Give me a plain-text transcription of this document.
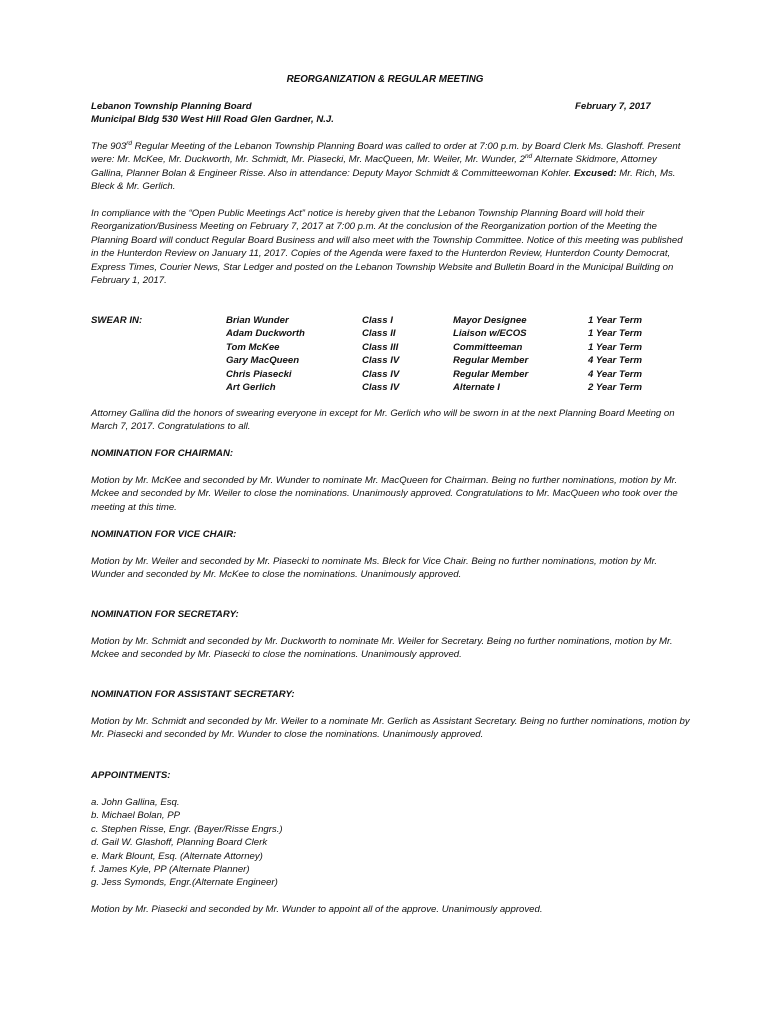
REORGANIZATION & REGULAR MEETING
Lebanon Township Planning Board
Municipal Bldg 530 West Hill Road Glen Gardner, N.J.
February 7, 2017

The 903rd Regular Meeting of the Lebanon Township Planning Board was called to order at 7:00 p.m. by Board Clerk Ms. Glashoff. Present were: Mr. McKee, Mr. Duckworth, Mr. Schmidt, Mr. Piasecki, Mr. MacQueen, Mr. Weiler, Mr. Wunder, 2nd Alternate Skidmore, Attorney Gallina, Planner Bolan & Engineer Risse. Also in attendance: Deputy Mayor Schmidt & Committeewoman Kohler. Excused: Mr. Rich, Ms. Bleck & Mr. Gerlich.

In compliance with the “Open Public Meetings Act” notice is hereby given that the Lebanon Township Planning Board will hold their Reorganization/Business Meeting on February 7, 2017 at 7:00 p.m. At the conclusion of the Reorganization portion of the Meeting the Planning Board will conduct Regular Board Business and will also meet with the Township Committee. Notice of this meeting was published in the Hunterdon Review on January 11, 2017. Copies of the Agenda were faxed to the Hunterdon Review, Hunterdon County Democrat, Express Times, Courier News, Star Ledger and posted on the Lebanon Township Website and Bulletin Board in the Municipal Building on February 1, 2017.

SWEAR IN:	Brian Wunder
Adam Duckworth
Tom McKee
Gary MacQueen
Chris Piasecki
Art Gerlich
Class I
Class II
Class III
Class IV
Class IV
Class IV
Mayor Designee
Liaison w/ECOS
Committeeman
Regular Member
Regular Member
Alternate I
1 Year Term
1 Year Term
1 Year Term
4 Year Term
4 Year Term
2 Year Term

Attorney Gallina did the honors of swearing everyone in except for Mr. Gerlich who will be sworn in at the next Planning Board Meeting on March 7, 2017. Congratulations to all.

NOMINATION FOR CHAIRMAN:

Motion by Mr. McKee and seconded by Mr. Wunder to nominate Mr. MacQueen for Chairman. Being no further nominations, motion by Mr. Mckee and seconded by Mr. Weiler to close the nominations. Unanimously approved. Congratulations to Mr. MacQueen who took over the meeting at this time.

NOMINATION FOR VICE CHAIR:

Motion by Mr. Weiler and seconded by Mr. Piasecki to nominate Ms. Bleck for Vice Chair. Being no further nominations, motion by Mr. Wunder and seconded by Mr. McKee to close the nominations. Unanimously approved.

NOMINATION FOR SECRETARY:

Motion by Mr. Schmidt and seconded by Mr. Duckworth to nominate Mr. Weiler for Secretary. Being no further nominations, motion by Mr. Mckee and seconded by Mr. Piasecki to close the nominations. Unanimously approved.

NOMINATION FOR ASSISTANT SECRETARY:

Motion by Mr. Schmidt and seconded by Mr. Weiler to a nominate Mr. Gerlich as Assistant Secretary. Being no further nominations, motion by Mr. Piasecki and seconded by Mr. Wunder to close the nominations. Unanimously approved.

APPOINTMENTS:
a. John Gallina, Esq.
b. Michael Bolan, PP
c. Stephen Risse, Engr. (Bayer/Risse Engrs.)
d. Gail W. Glashoff, Planning Board Clerk
e. Mark Blount, Esq. (Alternate Attorney)
f. James Kyle, PP (Alternate Planner)
g. Jess Symonds, Engr.(Alternate Engineer)

Motion by Mr. Piasecki and seconded by Mr. Wunder to appoint all of the approve. Unanimously approved.
